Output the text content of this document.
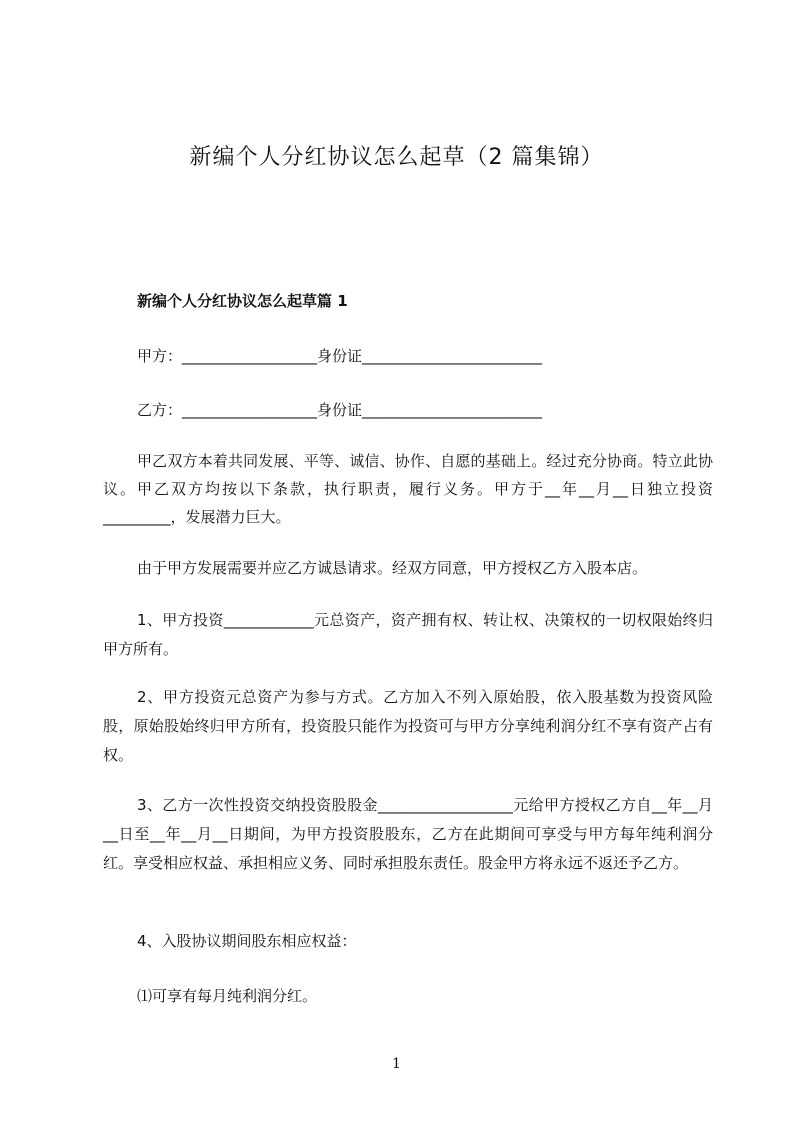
新编个人分红协议怎么起草（2 篇集锦）
新编个人分红协议怎么起草篇 1
甲方：__________________身份证________________________
乙方：__________________身份证________________________
甲乙双方本着共同发展、平等、诚信、协作、自愿的基础上。经过充分协商。特立此协议。甲乙双方均按以下条款，执行职责，履行义务。甲方于__年__月__日独立投资_________，发展潜力巨大。
由于甲方发展需要并应乙方诚恳请求。经双方同意，甲方授权乙方入股本店。
1、甲方投资____________元总资产，资产拥有权、转让权、决策权的一切权限始终归甲方所有。
2、甲方投资元总资产为参与方式。乙方加入不列入原始股，依入股基数为投资风险股，原始股始终归甲方所有，投资股只能作为投资可与甲方分享纯利润分红不享有资产占有权。
3、乙方一次性投资交纳投资股股金__________________元给甲方授权乙方自__年__月__日至__年__月__日期间，为甲方投资股股东，乙方在此期间可享受与甲方每年纯利润分红。享受相应权益、承担相应义务、同时承担股东责任。股金甲方将永远不返还予乙方。
4、入股协议期间股东相应权益：
⑴可享有每月纯利润分红。
1
